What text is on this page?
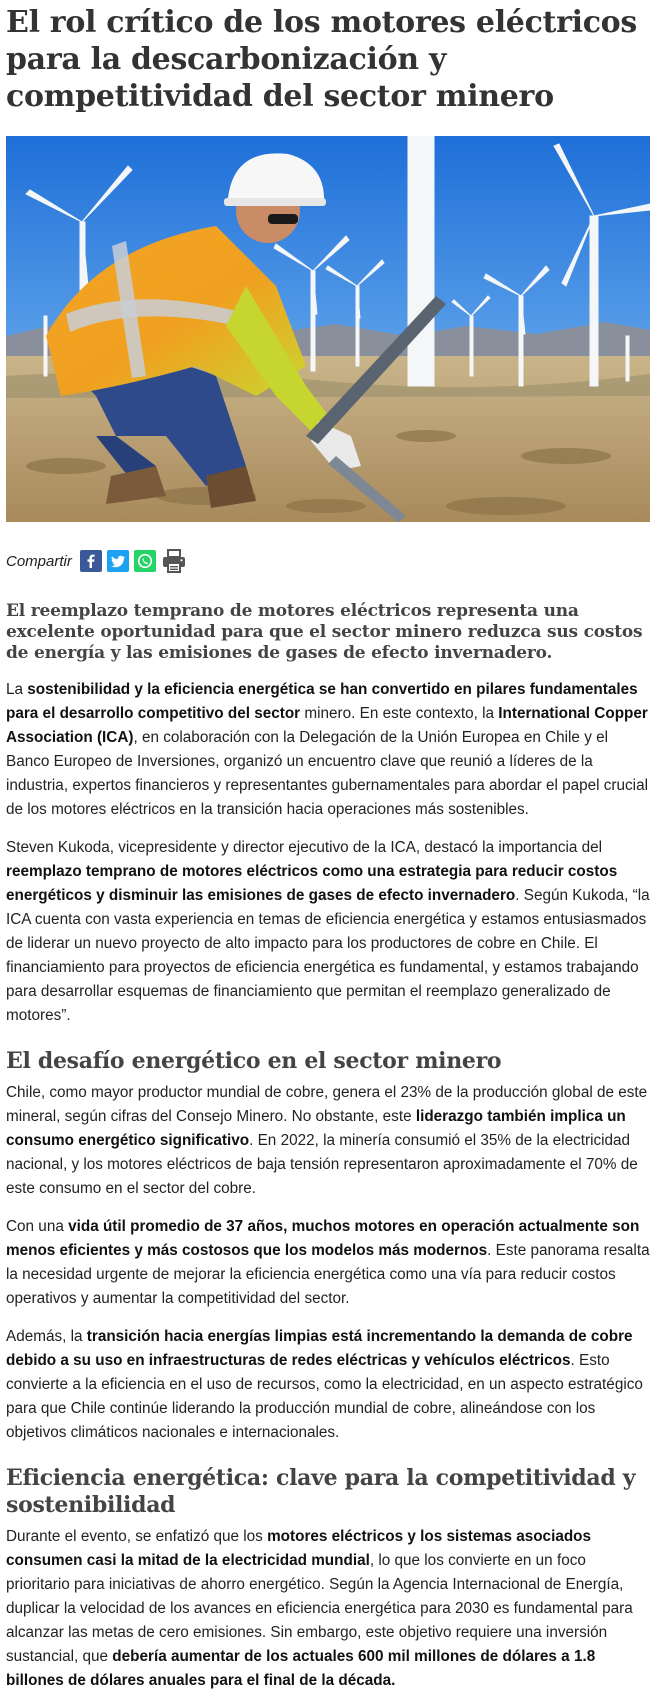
El rol crítico de los motores eléctricos para la descarbonización y competitividad del sector minero
Compartir
El reemplazo temprano de motores eléctricos representa una excelente oportunidad para que el sector minero reduzca sus costos de energía y las emisiones de gases de efecto invernadero.

La sostenibilidad y la eficiencia energética se han convertido en pilares fundamentales para el desarrollo competitivo del sector minero. En este contexto, la International Copper Association (ICA), en colaboración con la Delegación de la Unión Europea en Chile y el Banco Europeo de Inversiones, organizó un encuentro clave que reunió a líderes de la industria, expertos financieros y representantes gubernamentales para abordar el papel crucial de los motores eléctricos en la transición hacia operaciones más sostenibles.

Steven Kukoda, vicepresidente y director ejecutivo de la ICA, destacó la importancia del reemplazo temprano de motores eléctricos como una estrategia para reducir costos energéticos y disminuir las emisiones de gases de efecto invernadero. Según Kukoda, “la ICA cuenta con vasta experiencia en temas de eficiencia energética y estamos entusiasmados de liderar un nuevo proyecto de alto impacto para los productores de cobre en Chile. El financiamiento para proyectos de eficiencia energética es fundamental, y estamos trabajando para desarrollar esquemas de financiamiento que permitan el reemplazo generalizado de motores”.

El desafío energético en el sector minero

Chile, como mayor productor mundial de cobre, genera el 23% de la producción global de este mineral, según cifras del Consejo Minero. No obstante, este liderazgo también implica un consumo energético significativo. En 2022, la minería consumió el 35% de la electricidad nacional, y los motores eléctricos de baja tensión representaron aproximadamente el 70% de este consumo en el sector del cobre.

Con una vida útil promedio de 37 años, muchos motores en operación actualmente son menos eficientes y más costosos que los modelos más modernos. Este panorama resalta la necesidad urgente de mejorar la eficiencia energética como una vía para reducir costos operativos y aumentar la competitividad del sector.

Además, la transición hacia energías limpias está incrementando la demanda de cobre debido a su uso en infraestructuras de redes eléctricas y vehículos eléctricos. Esto convierte a la eficiencia en el uso de recursos, como la electricidad, en un aspecto estratégico para que Chile continúe liderando la producción mundial de cobre, alineándose con los objetivos climáticos nacionales e internacionales.

Eficiencia energética: clave para la competitividad y sostenibilidad

Durante el evento, se enfatizó que los motores eléctricos y los sistemas asociados consumen casi la mitad de la electricidad mundial, lo que los convierte en un foco prioritario para iniciativas de ahorro energético. Según la Agencia Internacional de Energía, duplicar la velocidad de los avances en eficiencia energética para 2030 es fundamental para alcanzar las metas de cero emisiones. Sin embargo, este objetivo requiere una inversión sustancial, que debería aumentar de los actuales 600 mil millones de dólares a 1.8 billones de dólares anuales para el final de la década.
